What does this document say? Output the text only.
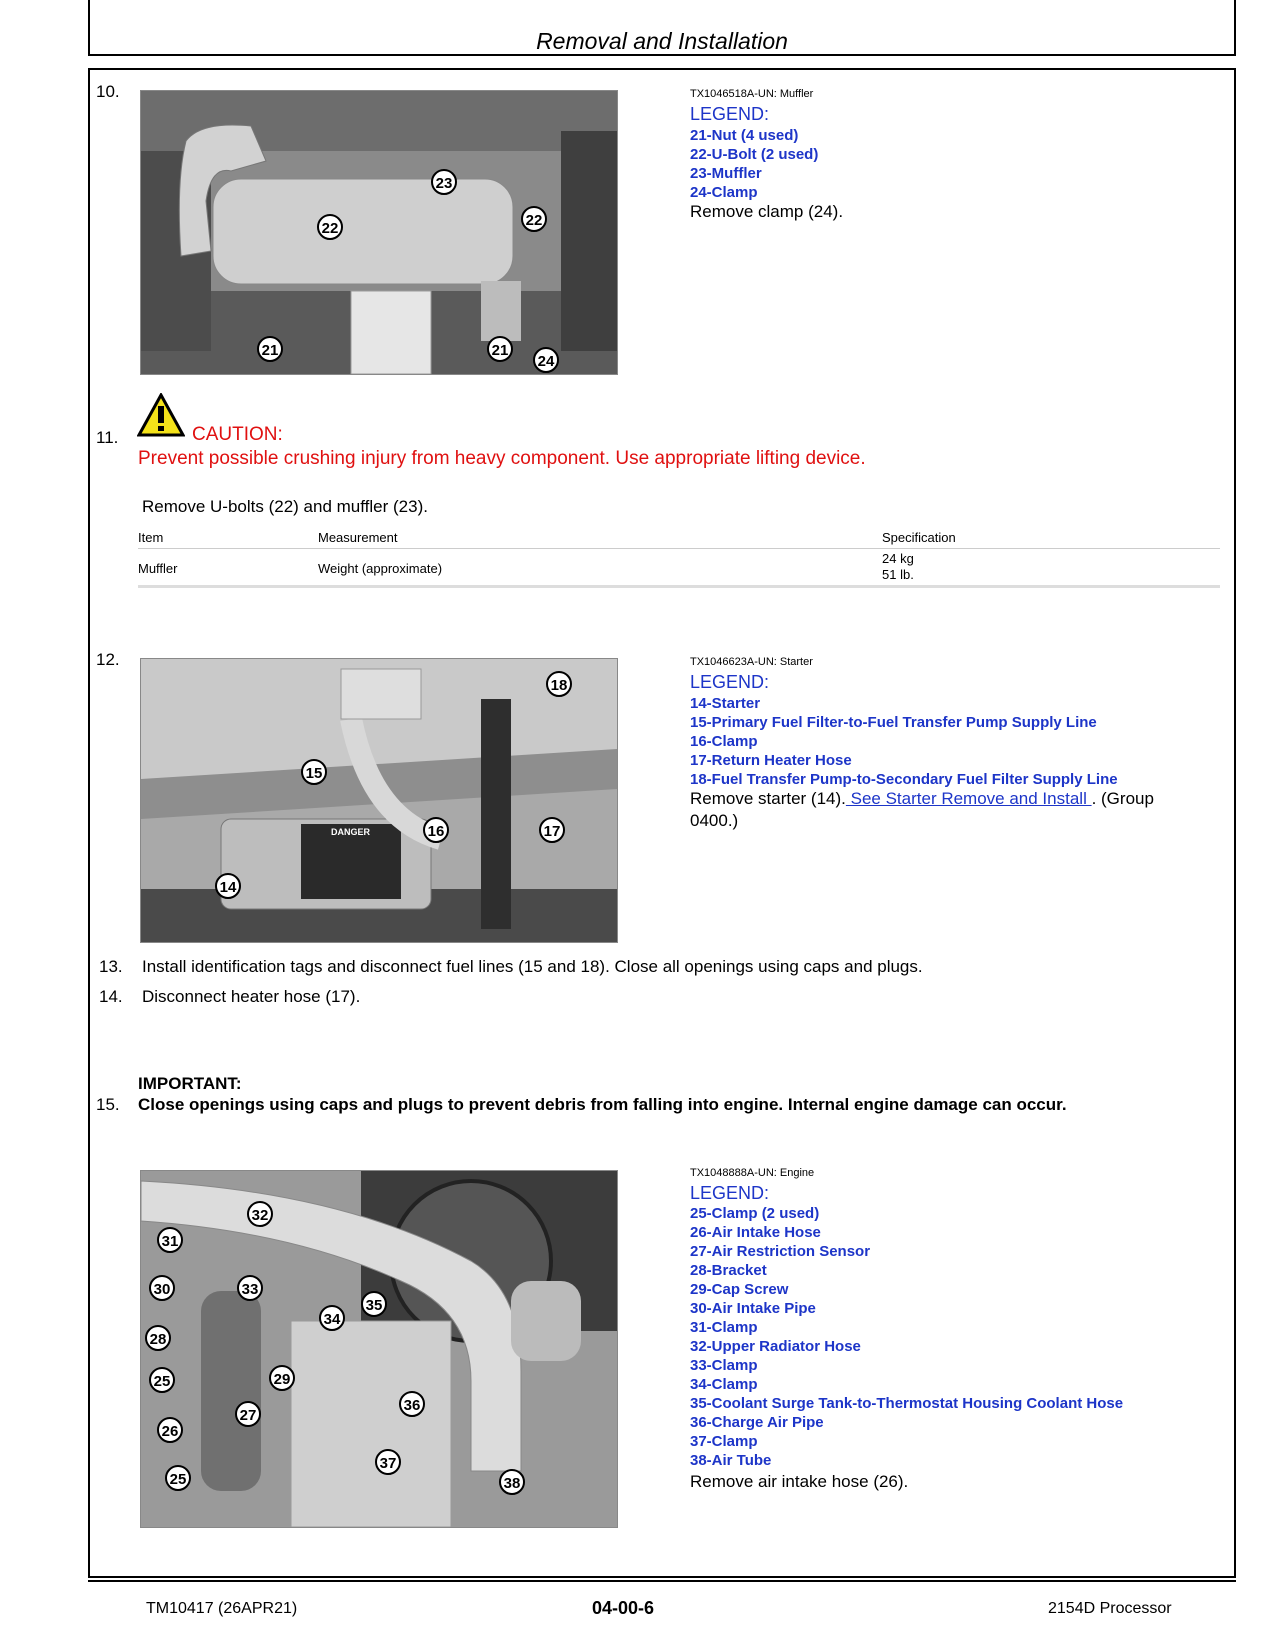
Removal and Installation
10.
23
22	22
21	21
24
TX1046518A-UN: Muffler
LEGEND:
21-Nut (4 used)
22-U-Bolt (2 used)
23-Muffler
24-Clamp
Remove clamp (24).
11.	CAUTION:
Prevent possible crushing injury from heavy component. Use appropriate lifting device.
Remove U-bolts (22) and muffler (23).
Item	Measurement	Specification
Muffler	Weight (approximate)
24 kg
51 lb.
12.
18
15
16	17
14
DANGER
TX1046623A-UN: Starter
LEGEND:
14-Starter
15-Primary Fuel Filter-to-Fuel Transfer Pump Supply Line
16-Clamp
17-Return Heater Hose
18-Fuel Transfer Pump-to-Secondary Fuel Filter Supply Line
Remove starter (14). See Starter Remove and Install . (Group
0400.)
13. Install identification tags and disconnect fuel lines (15 and 18). Close all openings using caps and plugs.
14. Disconnect heater hose (17).
IMPORTANT:
15. Close openings using caps and plugs to prevent debris from falling into engine. Internal engine damage can occur.
32
31
33
30
35
34
28
29
25
27
36
26
37
38
25
TX1048888A-UN: Engine
LEGEND:
25-Clamp (2 used)
26-Air Intake Hose
27-Air Restriction Sensor
28-Bracket
29-Cap Screw
30-Air Intake Pipe
31-Clamp
32-Upper Radiator Hose
33-Clamp
34-Clamp
35-Coolant Surge Tank-to-Thermostat Housing Coolant Hose
36-Charge Air Pipe
37-Clamp
38-Air Tube
Remove air intake hose (26).
TM10417 (26APR21)	04-00-6	2154D Processor
